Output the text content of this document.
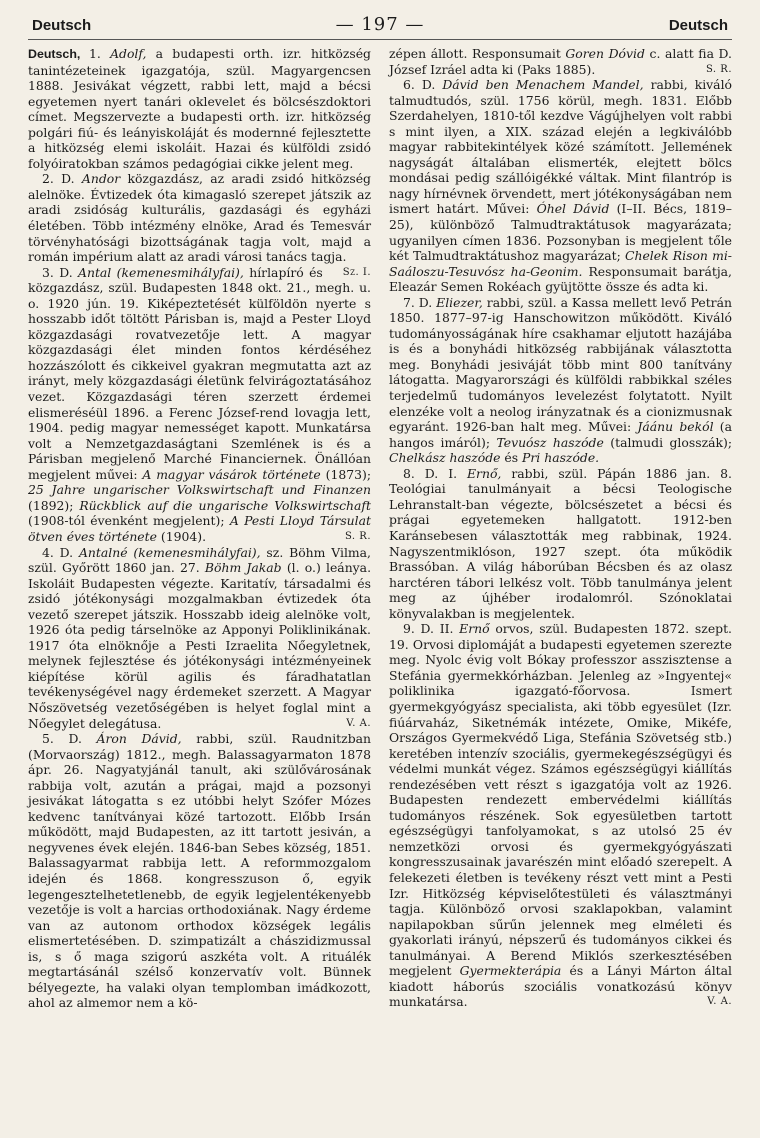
Deutsch	— 197 —	Deutsch

Deutsch, 1. Adolf, a budapesti orth. izr. hitközség tanintézeteinek igazgatója, szül. Magyargencsen 1888. Jesivákat végzett, rabbi lett, majd a bécsi egyetemen nyert tanári oklevelet és bölcsészdoktori címet. Megszervezte a budapesti orth. izr. hitközség polgári fiú- és leányiskoláját és modernné fejlesztette a hitközség elemi iskoláit. Hazai és külföldi zsidó folyóiratokban számos pedagógiai cikke jelent meg.

2. D. Andor közgazdász, az aradi zsidó hitközség alelnöke. Évtizedek óta kimagasló szerepet játszik az aradi zsidóság kulturális, gazdasági és egyházi életében. Több intézmény elnöke, Arad és Temesvár törvényhatósági bizottságának tagja volt, majd a román impérium alatt az aradi városi tanács tagja.
Sz. I.

3. D. Antal (kemenesmihályfai), hírlapíró és közgazdász, szül. Budapesten 1848 okt. 21., megh. u. o. 1920 jún. 19. Kiképeztetését külföldön nyerte s hosszabb időt töltött Párisban is, majd a Pester Lloyd közgazdasági rovatvezetője lett. A magyar közgazdasági élet minden fontos kérdéséhez hozzászólott és cikkeivel gyakran megmutatta azt az irányt, mely közgazdasági életünk felvirágoztatásához vezet. Közgazdasági téren szerzett érdemei elismeréséül 1896. a Ferenc József-rend lovagja lett, 1904. pedig magyar nemességet kapott. Munkatársa volt a Nemzetgazdaságtani Szemlének is és a Párisban megjelenő Marché Financiernek. Önállóan megjelent művei: A magyar vásárok története (1873); 25 Jahre ungarischer Volkswirtschaft und Finanzen (1892); Rückblick auf die ungarische Volkswirtschaft (1908-tól évenként megjelent); A Pesti Lloyd Társulat ötven éves története (1904).	S. R.

4. D. Antalné (kemenesmihályfai), sz. Böhm Vilma, szül. Győrött 1860 jan. 27. Böhm Jakab (l. o.) leánya. Iskoláit Budapesten végezte. Karitatív, társadalmi és zsidó jótékonysági mozgalmakban évtizedek óta vezető szerepet játszik. Hosszabb ideig alelnöke volt, 1926 óta pedig társelnöke az Apponyi Poliklinikának. 1917 óta elnöknője a Pesti Izraelita Nőegyletnek, melynek fejlesztése és jótékonysági intézményeinek kiépítése körül agilis és fáradhatatlan tevékenységével nagy érdemeket szerzett. A Magyar Nőszövetség vezetőségében is helyet foglal mint a Nőegylet delegátusa.	V. A.

5. D. Áron Dávid, rabbi, szül. Raudnitzban (Morvaország) 1812., megh. Balassagyarmaton 1878 ápr. 26. Nagyatyjánál tanult, aki szülővárosának rabbija volt, azután a prágai, majd a pozsonyi jesivákat látogatta s ez utóbbi helyt Szófer Mózes kedvenc tanítványai közé tartozott. Előbb Irsán működött, majd Budapesten, az itt tartott jesiván, a negyvenes évek elején. 1846-ban Sebes község, 1851. Balassagyarmat rabbija lett. A reformmozgalom idején és 1868. kongresszuson ő, egyik legengesztelhetetlenebb, de egyik legjelentékenyebb vezetője is volt a harcias orthodoxiának. Nagy érdeme van az autonom orthodox községek legális elismertetésében. D. szimpatizált a chászidizmussal is, s ő maga szigorú aszkéta volt. A rituálék megtartásánál szélső konzervatív volt. Bünnek bélyegezte, ha valaki olyan templomban imádkozott, ahol az almemor nem a kö-

zépen állott. Responsumait Goren Dóvid c. alatt fia D. József Izráel adta ki (Paks 1885).	S. R.

6. D. Dávid ben Menachem Mandel, rabbi, kiváló talmudtudós, szül. 1756 körül, megh. 1831. Előbb Szerdahelyen, 1810-től kezdve Vágújhelyen volt rabbi s mint ilyen, a XIX. század elején a legkiválóbb magyar rabbitekintélyek közé számított. Jellemének nagyságát általában elismerték, elejtett bölcs mondásai pedig szállóigékké váltak. Mint filantróp is nagy hírnévnek örvendett, mert jótékonyságában nem ismert határt. Művei: Óhel Dávid (I–II. Bécs, 1819–25), különböző Talmudtraktátusok magyarázata; ugyanilyen címen 1836. Pozsonyban is megjelent tőle két Talmudtraktátushoz magyarázat; Chelek Rison mi-Saáloszu-Tesuvósz ha-Geonim. Responsumait barátja, Eleazár Semen Rokéach gyüjtötte össze és adta ki.

7. D. Eliezer, rabbi, szül. a Kassa mellett levő Petrán 1850. 1877–97-ig Hanschowitzon működött. Kiváló tudományosságának híre csakhamar eljutott hazájába is és a bonyhádi hitközség rabbijának választotta meg. Bonyhádi jesiváját több mint 800 tanítvány látogatta. Magyarországi és külföldi rabbikkal széles terjedelmű tudományos levelezést folytatott. Nyilt elenzéke volt a neolog irányzatnak és a cionizmusnak egyaránt. 1926-ban halt meg. Művei: Jáánu bekól (a hangos imáról); Tevuósz haszóde (talmudi glosszák); Chelkász haszóde és Pri haszóde.

8. D. I. Ernő, rabbi, szül. Pápán 1886 jan. 8. Teológiai tanulmányait a bécsi Teologische Lehranstalt-ban végezte, bölcsészetet a bécsi és prágai egyetemeken hallgatott. 1912-ben Karánsebesen választották meg rabbinak, 1924. Nagyszentmiklóson, 1927 szept. óta működik Brassóban. A világ háborúban Bécsben és az olasz harctéren tábori lelkész volt. Több tanulmánya jelent meg az újhéber irodalomról. Szónoklatai könyvalakban is megjelentek.

9. D. II. Ernő orvos, szül. Budapesten 1872. szept. 19. Orvosi diplomáját a budapesti egyetemen szerezte meg. Nyolc évig volt Bókay professzor asszisztense a Stefánia gyermekkórházban. Jelenleg az »Ingyentej« poliklinika igazgató-főorvosa. Ismert gyermekgyógyász specialista, aki több egyesület (Izr. fiúárvaház, Siketnémák intézete, Omike, Mikéfe, Országos Gyermekvédő Liga, Stefánia Szövetség stb.) keretében intenzív szociális, gyermekegészségügyi és védelmi munkát végez. Számos egészségügyi kiállítás rendezésében vett részt s igazgatója volt az 1926. Budapesten rendezett embervédelmi kiállítás tudományos részének. Sok egyesületben tartott egészségügyi tanfolyamokat, s az utolsó 25 év nemzetközi orvosi és gyermekgyógyászati kongresszusainak javarészén mint előadó szerepelt. A felekezeti életben is tevékeny részt vett mint a Pesti Izr. Hitközség képviselőtestületi és választmányi tagja. Különböző orvosi szaklapokban, valamint napilapokban sűrűn jelennek meg elméleti és gyakorlati irányú, népszerű és tudományos cikkei és tanulmányai. A Berend Miklós szerkesztésében megjelent Gyermekterápia és a Lányi Márton által kiadott háborús szociális vonatkozású könyv munkatársa.	V. A.
